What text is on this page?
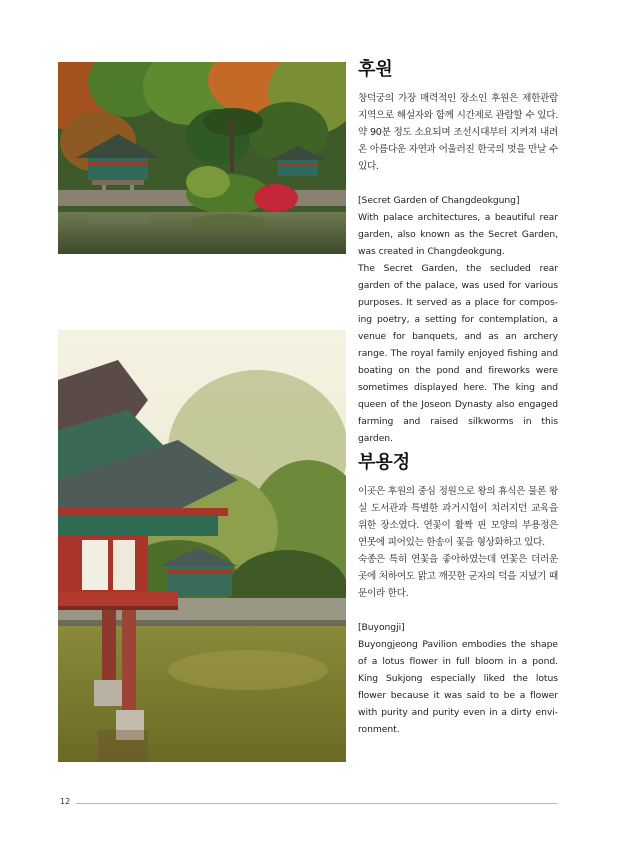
후원

창덕궁의 가장 매력적인 장소인 후원은 제한관람지역으로 해설자와 함께 시간제로 관람할 수 있다. 약 90분 정도 소요되며 조선시대부터 지켜져 내려온 아름다운 자연과 어울러진 한국의 멋을 만날 수 있다.

[Secret Garden of Changdeokgung]

With palace architectures, a beautiful rear garden, also known as the Secret Garden, was created in Changdeokgung.

The Secret Garden, the secluded rear garden of the palace, was used for various purposes. It served as a place for compos-ing poetry, a setting for contemplation, a venue for banquets, and as an archery range. The royal family enjoyed fishing and boating on the pond and fireworks were sometimes displayed here. The king and queen of the Joseon Dynasty also engaged farming and raised silkworms in this garden.

부용정

이곳은 후원의 중심 정원으로 왕의 휴식은 물론 왕실 도서관과 특별한 과거시험이 치러지던 교육을 위한 장소였다. 연꽃이 활짝 핀 모양의 부용정은 연못에 피어있는 한송이 꽃을 형상화하고 있다.

숙종은 특히 연꽃을 좋아하였는데 연꽃은 더러운 곳에 처하여도 맑고 깨끗한 군자의 덕을 지녔기 때문이라 한다.

[Buyongji]

Buyongjeong Pavilion embodies the shape of a lotus flower in full bloom in a pond. King Sukjong especially liked the lotus flower because it was said to be a flower with purity and purity even in a dirty envi-ronment.

12
